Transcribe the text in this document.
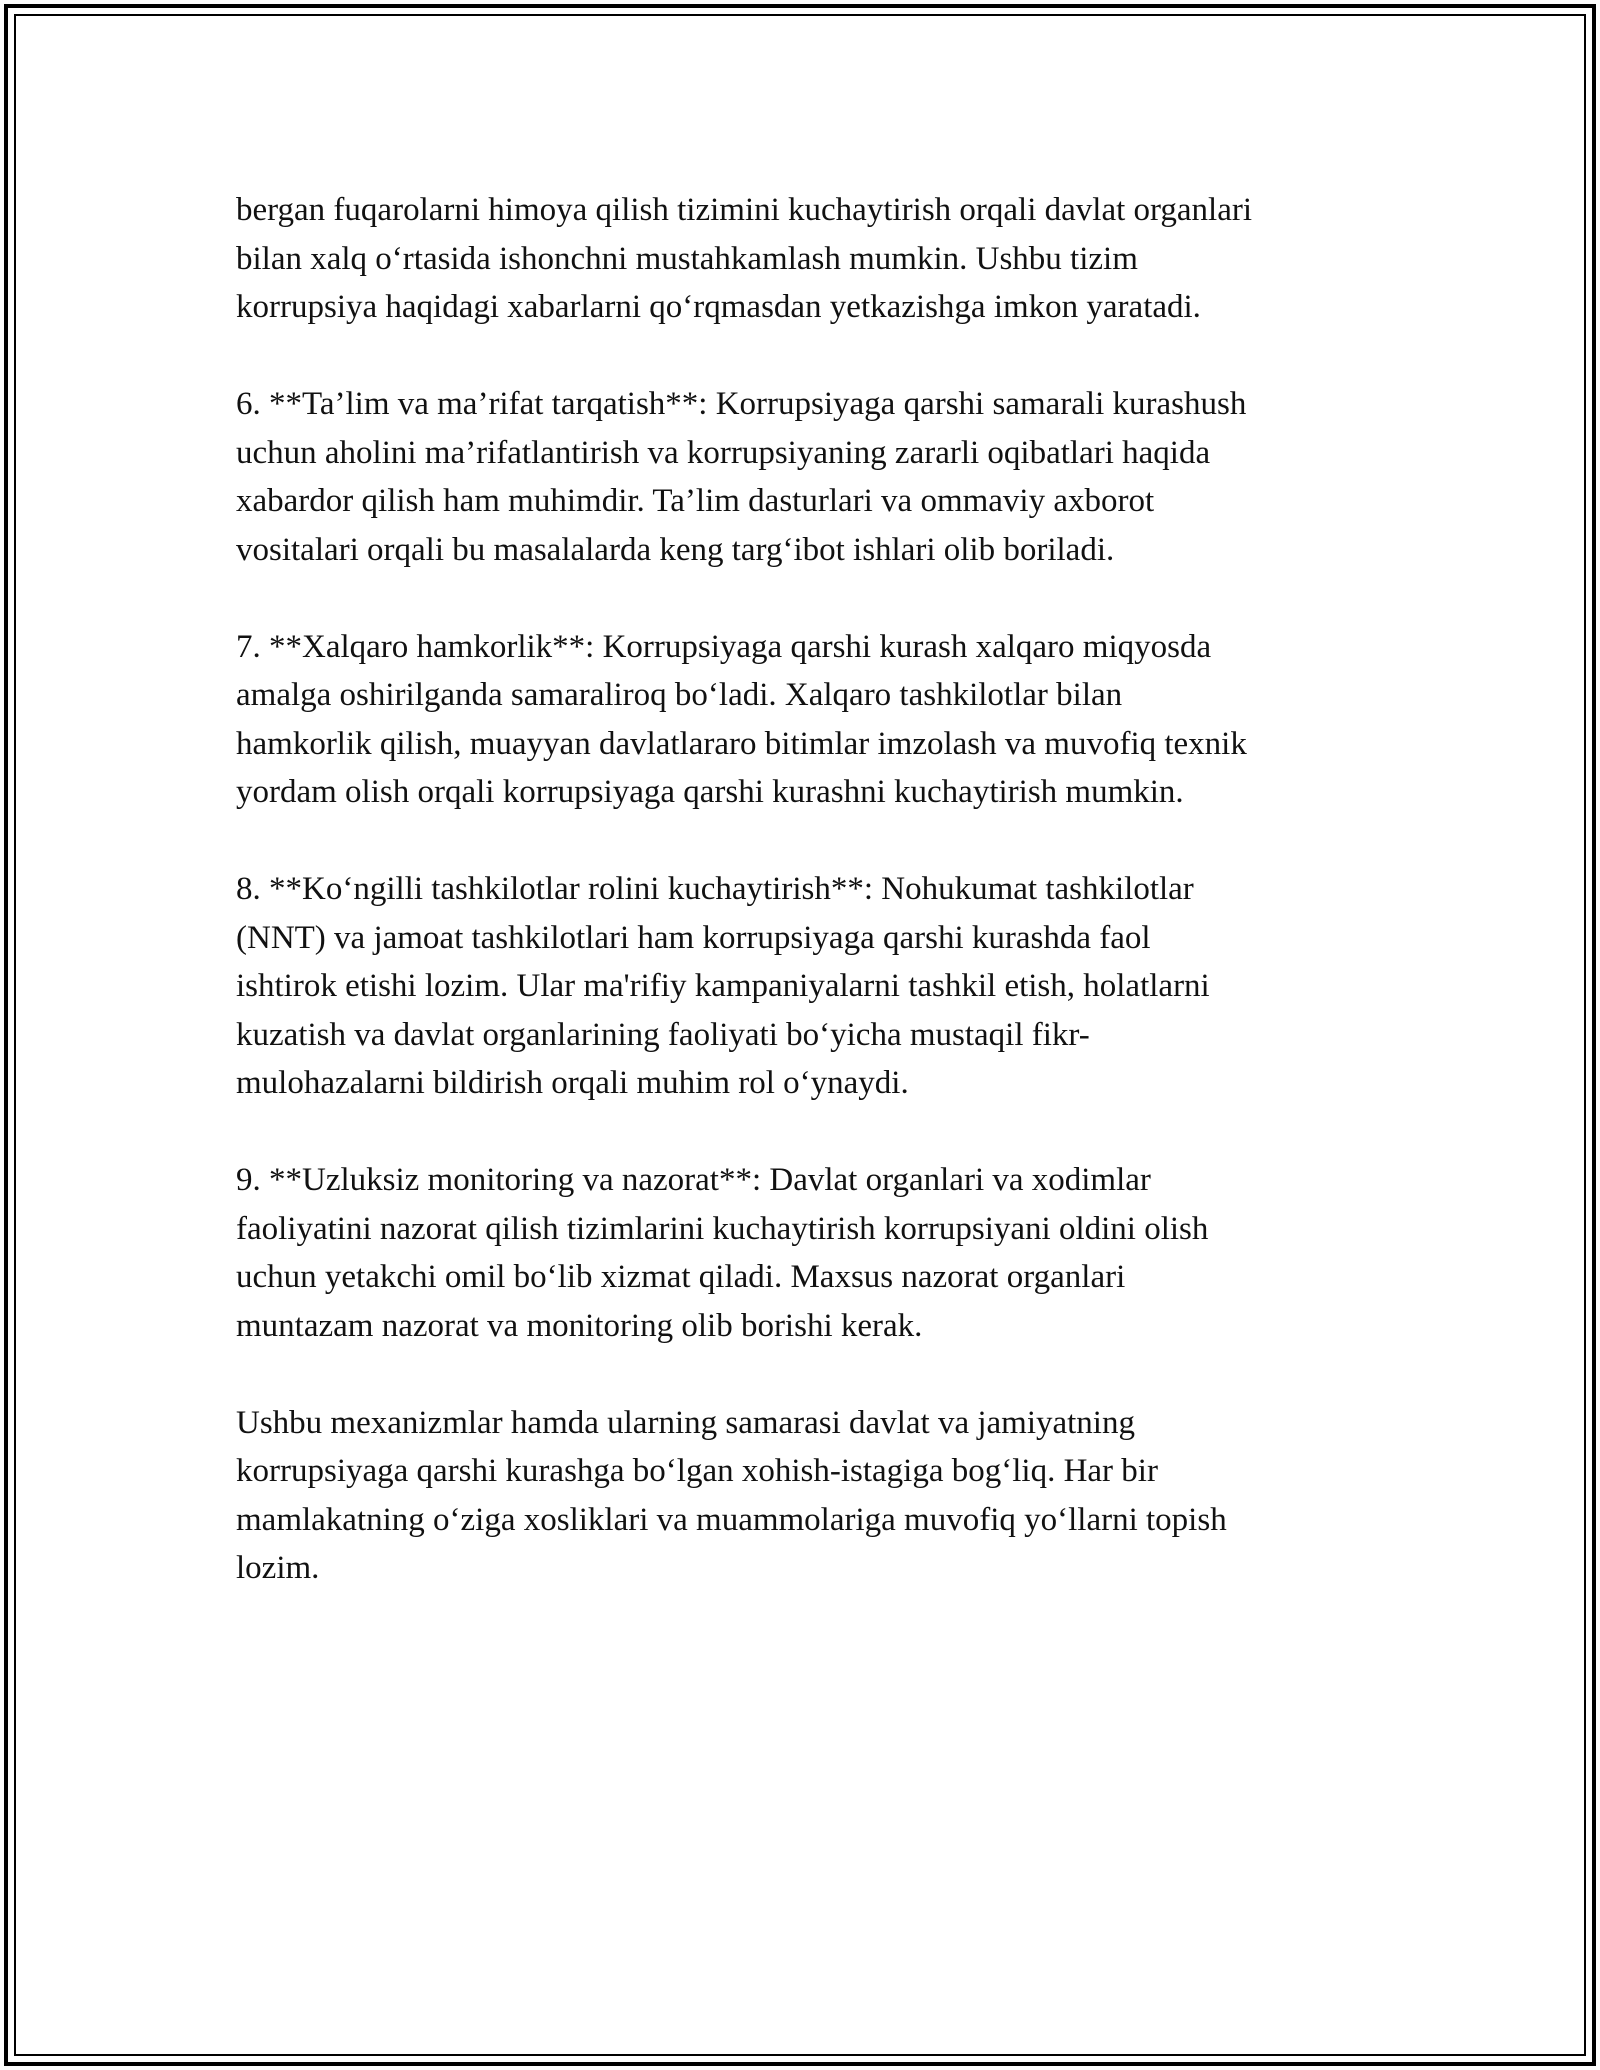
bergan fuqarolarni himoya qilish tizimini kuchaytirish orqali davlat organlari
bilan xalq o‘rtasida ishonchni mustahkamlash mumkin. Ushbu tizim
korrupsiya haqidagi xabarlarni qo‘rqmasdan yetkazishga imkon yaratadi.

6. **Ta’lim va ma’rifat tarqatish**: Korrupsiyaga qarshi samarali kurashush
uchun aholini ma’rifatlantirish va korrupsiyaning zararli oqibatlari haqida
xabardor qilish ham muhimdir. Ta’lim dasturlari va ommaviy axborot
vositalari orqali bu masalalarda keng targ‘ibot ishlari olib boriladi.

7. **Xalqaro hamkorlik**: Korrupsiyaga qarshi kurash xalqaro miqyosda
amalga oshirilganda samaraliroq bo‘ladi. Xalqaro tashkilotlar bilan
hamkorlik qilish, muayyan davlatlararo bitimlar imzolash va muvofiq texnik
yordam olish orqali korrupsiyaga qarshi kurashni kuchaytirish mumkin.

8. **Ko‘ngilli tashkilotlar rolini kuchaytirish**: Nohukumat tashkilotlar
(NNT) va jamoat tashkilotlari ham korrupsiyaga qarshi kurashda faol
ishtirok etishi lozim. Ular ma'rifiy kampaniyalarni tashkil etish, holatlarni
kuzatish va davlat organlarining faoliyati bo‘yicha mustaqil fikr-
mulohazalarni bildirish orqali muhim rol o‘ynaydi.

9. **Uzluksiz monitoring va nazorat**: Davlat organlari va xodimlar
faoliyatini nazorat qilish tizimlarini kuchaytirish korrupsiyani oldini olish
uchun yetakchi omil bo‘lib xizmat qiladi. Maxsus nazorat organlari
muntazam nazorat va monitoring olib borishi kerak.

Ushbu mexanizmlar hamda ularning samarasi davlat va jamiyatning
korrupsiyaga qarshi kurashga bo‘lgan xohish-istagiga bog‘liq. Har bir
mamlakatning o‘ziga xosliklari va muammolariga muvofiq yo‘llarni topish
lozim.
